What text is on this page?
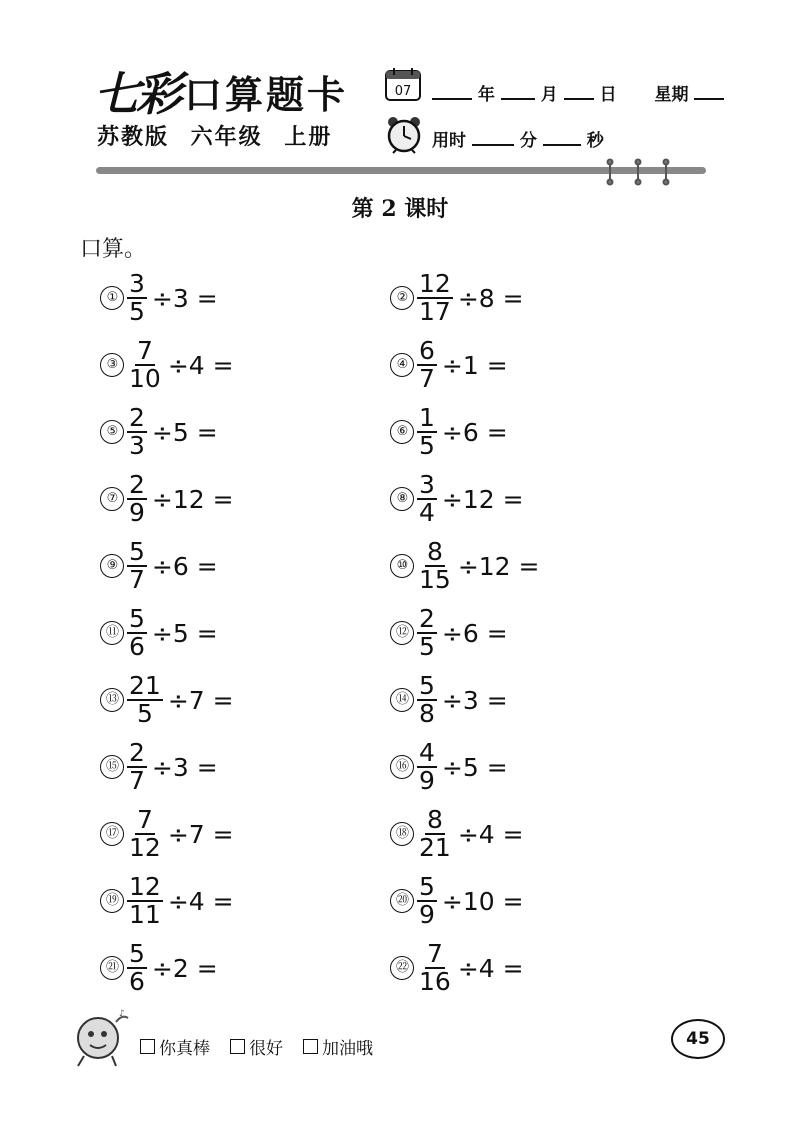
七彩 口算题卡
苏教版 六年级 上册
07	年	月 日 星期
用时	分	秒
第 2 课时
口算。
① $\frac{3}{5} \div 3$ =	② $\frac{12}{17} \div 8$ =
③ $\frac{7}{10} \div 4$ =	④ $\frac{6}{7} \div 1$ =
⑤ $\frac{2}{3} \div 5$ =	⑥ $\frac{1}{5} \div 6$ =
⑦ $\frac{2}{9} \div 12$ =	⑧ $\frac{3}{4} \div 12$ =
⑨ $\frac{5}{7} \div 6$ =	⑩ $\frac{8}{15} \div 12$ =
⑪ $\frac{5}{6} \div 5$ =	⑫ $\frac{2}{5} \div 6$ =
⑬ $\frac{21}{5} \div 7$ =	⑭ $\frac{5}{8} \div 3$ =
⑮ $\frac{2}{7} \div 3$ =	⑯ $\frac{4}{9} \div 5$ =
⑰ $\frac{7}{12} \div 7$ =	⑱ $\frac{8}{21} \div 4$ =
⑲ $\frac{12}{11} \div 4$ =	⑳ $\frac{5}{9} \div 10$ =
㉑ $\frac{5}{6} \div 2$ =	㉒ $\frac{7}{16} \div 4$ =
♪
你真棒 很好 加油哦	45
